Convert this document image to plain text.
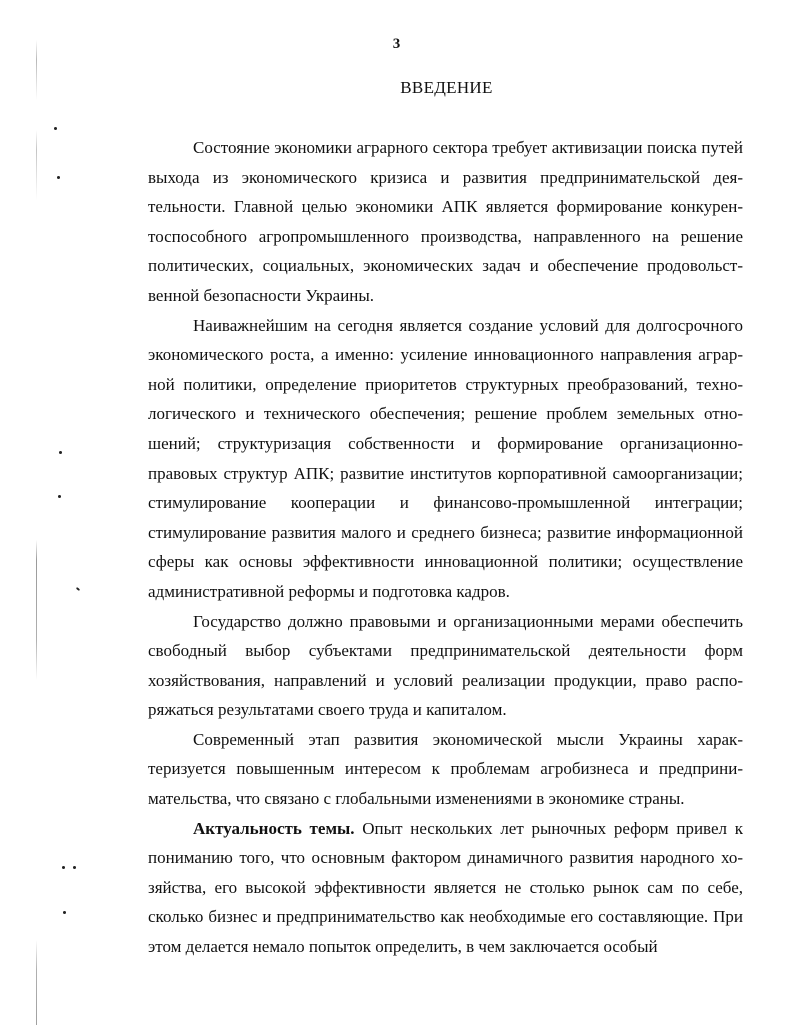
3
ВВЕДЕНИЕ

Состояние экономики аграрного сектора требует активизации поиска путей выхода из экономического кризиса и развития предпринимательской деятельности. Главной целью экономики АПК является формирование конкурентоспособного агропромышленного производства, направленного на решение политических, социальных, экономических задач и обеспечение продовольственной безопасности Украины.

Наиважнейшим на сегодня является создание условий для долгосрочного экономического роста, а именно: усиление инновационного направления аграрной политики, определение приоритетов структурных преобразований, технологического и технического обеспечения; решение проблем земельных отношений; структуризация собственности и формирование организационно-правовых структур АПК; развитие институтов корпоративной самоорганизации; стимулирование кооперации и финансово-промышленной интеграции; стимулирование развития малого и среднего бизнеса; развитие информационной сферы как основы эффективности инновационной политики; осуществление административной реформы и подготовка кадров.

Государство должно правовыми и организационными мерами обеспечить свободный выбор субъектами предпринимательской деятельности форм хозяйствования, направлений и условий реализации продукции, право распоряжаться результатами своего труда и капиталом.

Современный этап развития экономической мысли Украины характеризуется повышенным интересом к проблемам агробизнеса и предпринимательства, что связано с глобальными изменениями в экономике страны.

Актуальность темы. Опыт нескольких лет рыночных реформ привел к пониманию того, что основным фактором динамичного развития народного хозяйства, его высокой эффективности является не столько рынок сам по себе, сколько бизнес и предпринимательство как необходимые его составляющие. При этом делается немало попыток определить, в чем заключается особый
